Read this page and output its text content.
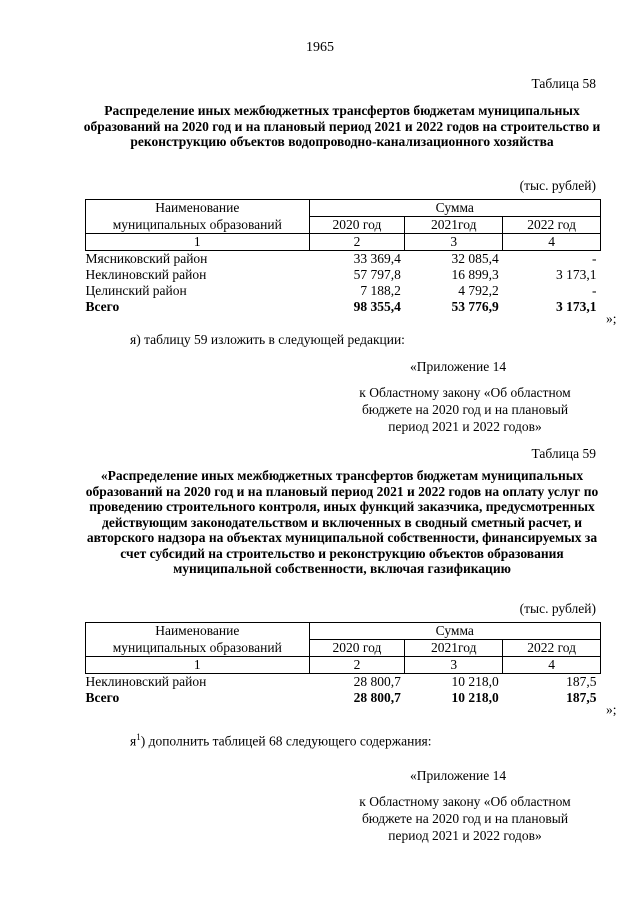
1965
Таблица 58
Распределение иных межбюджетных трансфертов бюджетам муниципальных образований на 2020 год и на плановый период 2021 и 2022 годов на строительство и реконструкцию объектов водопроводно-канализационного хозяйства
(тыс. рублей)
Наименование	Сумма		
муниципальных образований	2020 год	2021год	2022 год
1	2	3	4
Мясниковский район	33 369,4	32 085,4	-
Неклиновский район	57 797,8	16 899,3	3 173,1
Целинский район	7 188,2	4 792,2	-
Всего	98 355,4	53 776,9	3 173,1
»;
я) таблицу 59 изложить в следующей редакции:
«Приложение 14
к Областному закону «Об областном
бюджете на 2020 год и на плановый
период 2021 и 2022 годов»
Таблица 59
«Распределение иных межбюджетных трансфертов бюджетам муниципальных образований на 2020 год и на плановый период 2021 и 2022 годов на оплату услуг по проведению строительного контроля, иных функций заказчика, предусмотренных действующим законодательством и включенных в сводный сметный расчет, и авторского надзора на объектах муниципальной собственности, финансируемых за счет субсидий на строительство и реконструкцию объектов образования муниципальной собственности, включая газификацию
(тыс. рублей)
Наименование	Сумма		
муниципальных образований	2020 год	2021год	2022 год
1	2	3	4
Неклиновский район	28 800,7	10 218,0	187,5
Всего	28 800,7	10 218,0	187,5
»;
$я^1$) дополнить таблицей 68 следующего содержания:
«Приложение 14
к Областному закону «Об областном
бюджете на 2020 год и на плановый
период 2021 и 2022 годов»
